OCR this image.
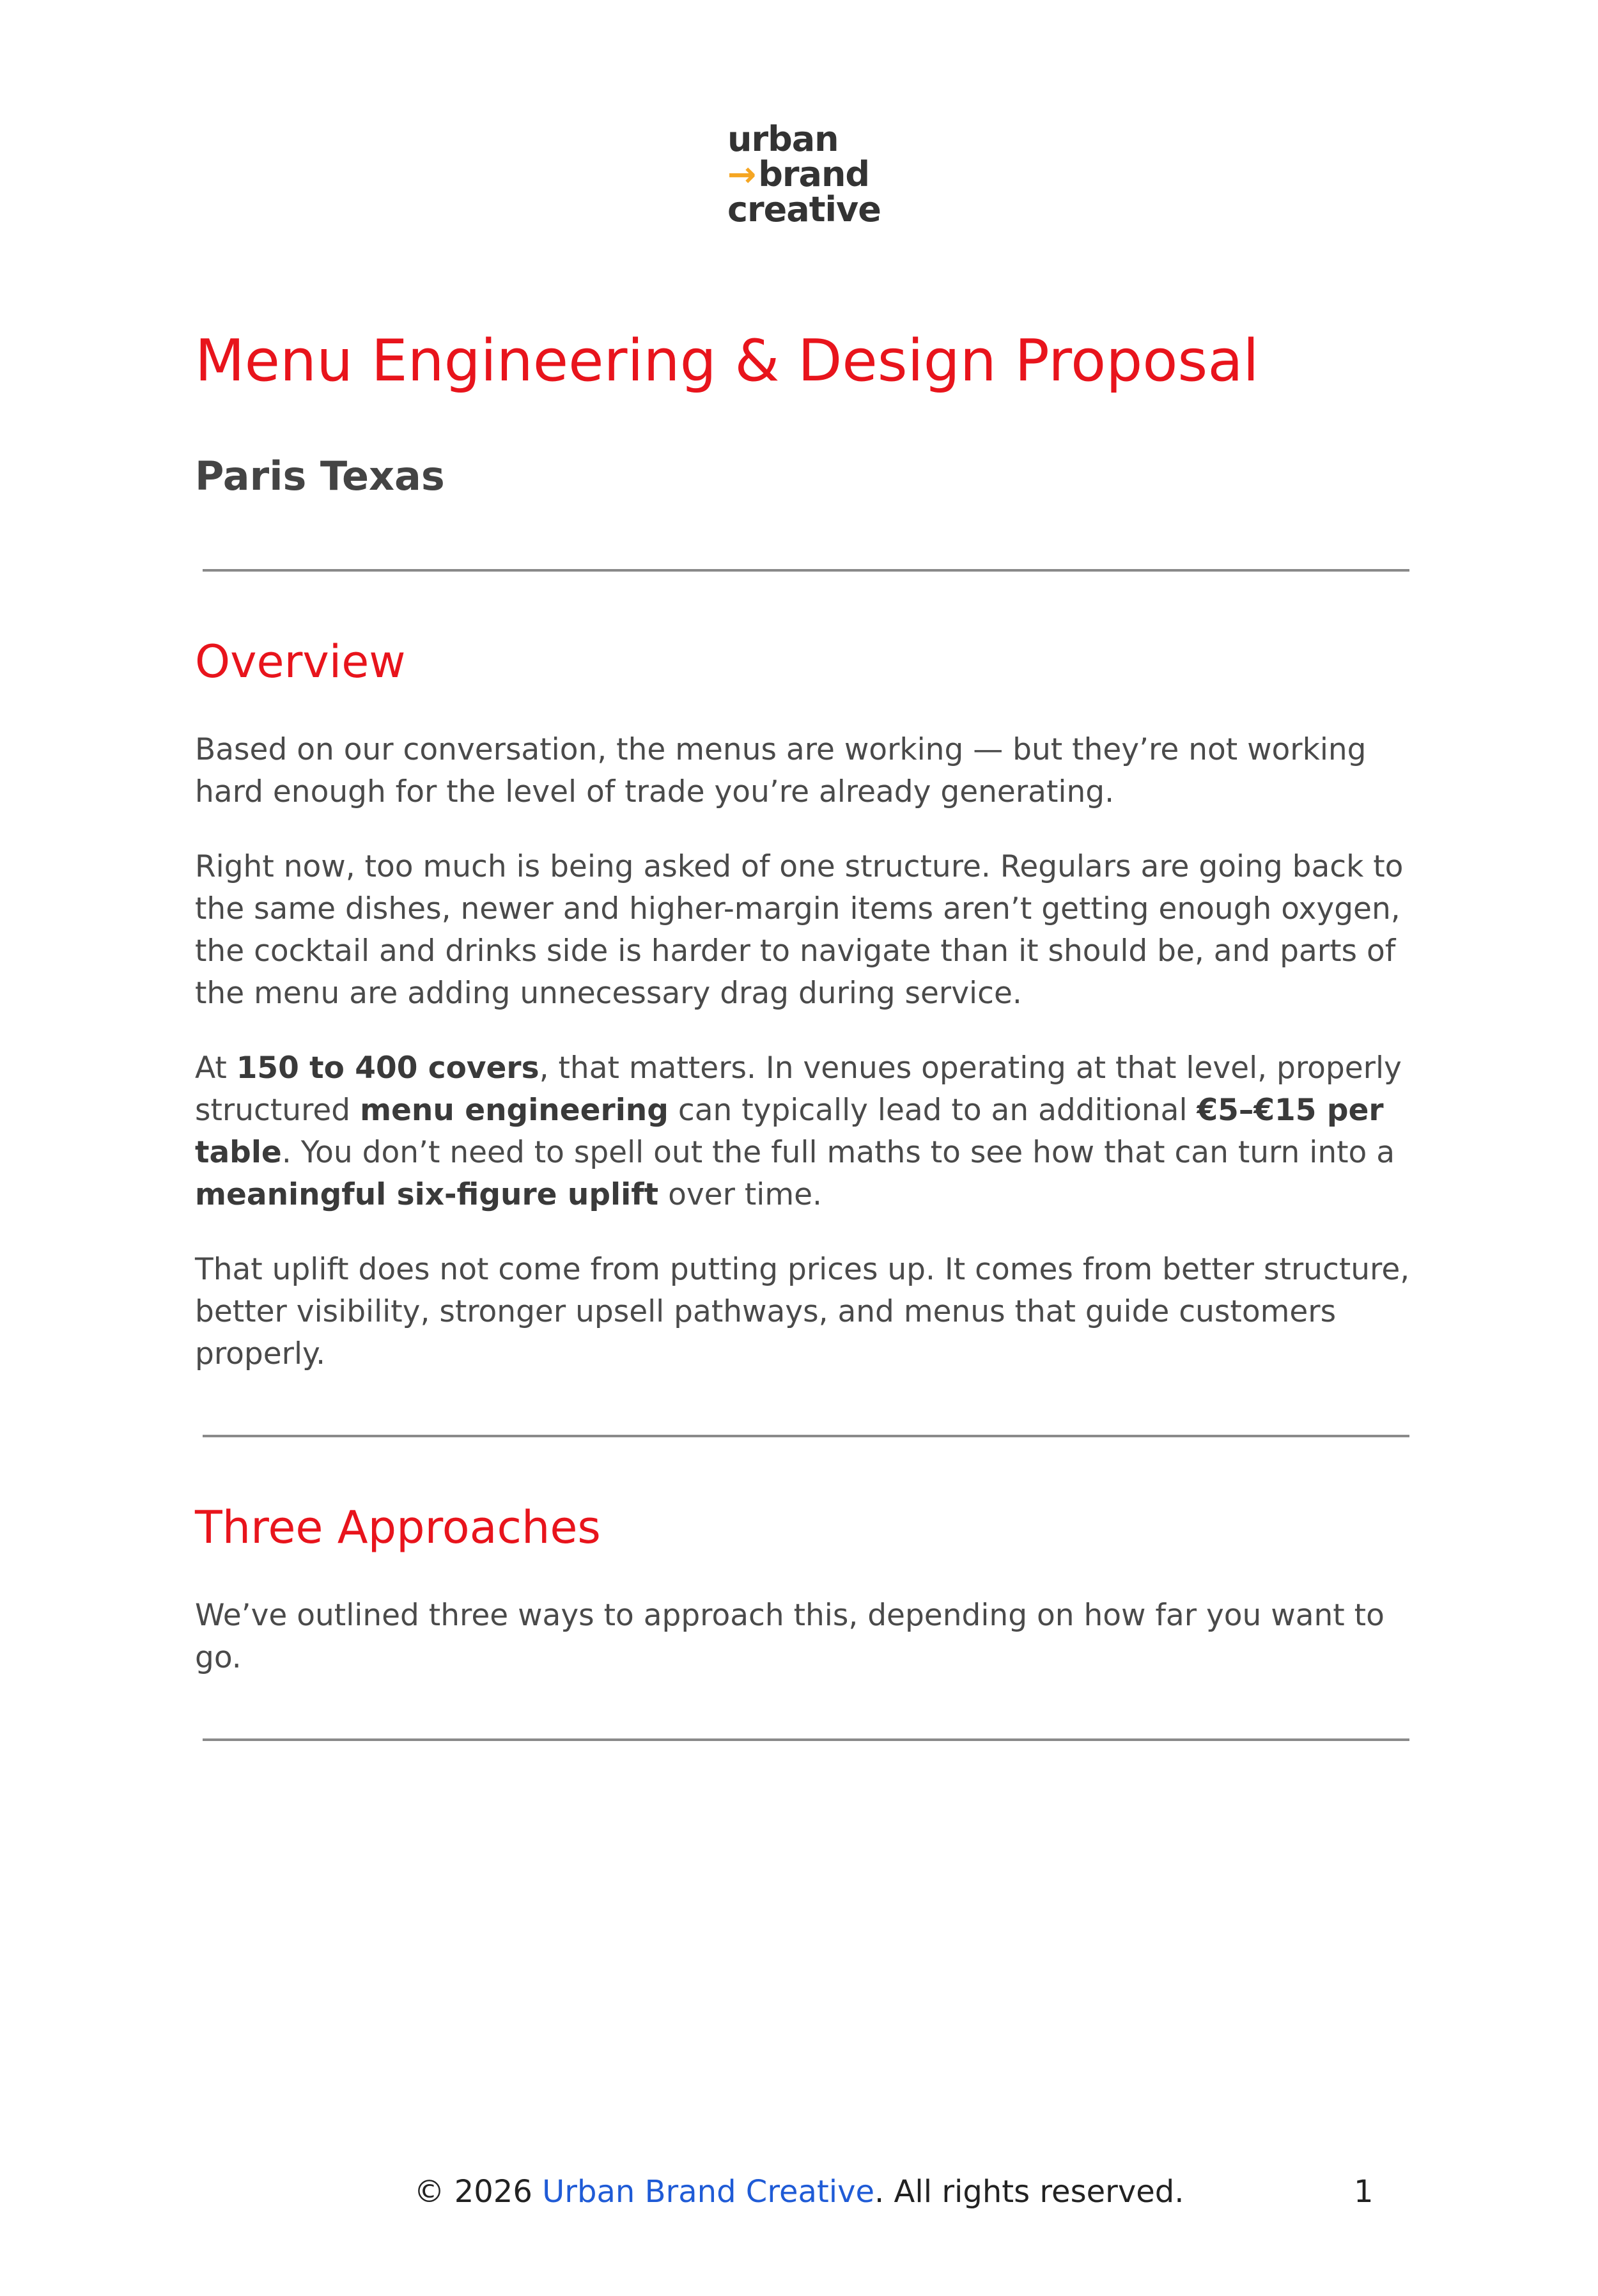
urban
→brand
creative
Menu Engineering & Design Proposal
Paris Texas
Overview

Based on our conversation, the menus are working — but they’re not working hard enough for the level of trade you’re already generating.

Right now, too much is being asked of one structure. Regulars are going back to the same dishes, newer and higher-margin items aren’t getting enough oxygen, the cocktail and drinks side is harder to navigate than it should be, and parts of the menu are adding unnecessary drag during service.

At 150 to 400 covers, that matters. In venues operating at that level, properly structured menu engineering can typically lead to an additional €5–€15 per table. You don’t need to spell out the full maths to see how that can turn into a meaningful six-figure uplift over time.

That uplift does not come from putting prices up. It comes from better structure, better visibility, stronger upsell pathways, and menus that guide customers properly.

Three Approaches

We’ve outlined three ways to approach this, depending on how far you want to go.

© 2026 Urban Brand Creative. All rights reserved.	1
